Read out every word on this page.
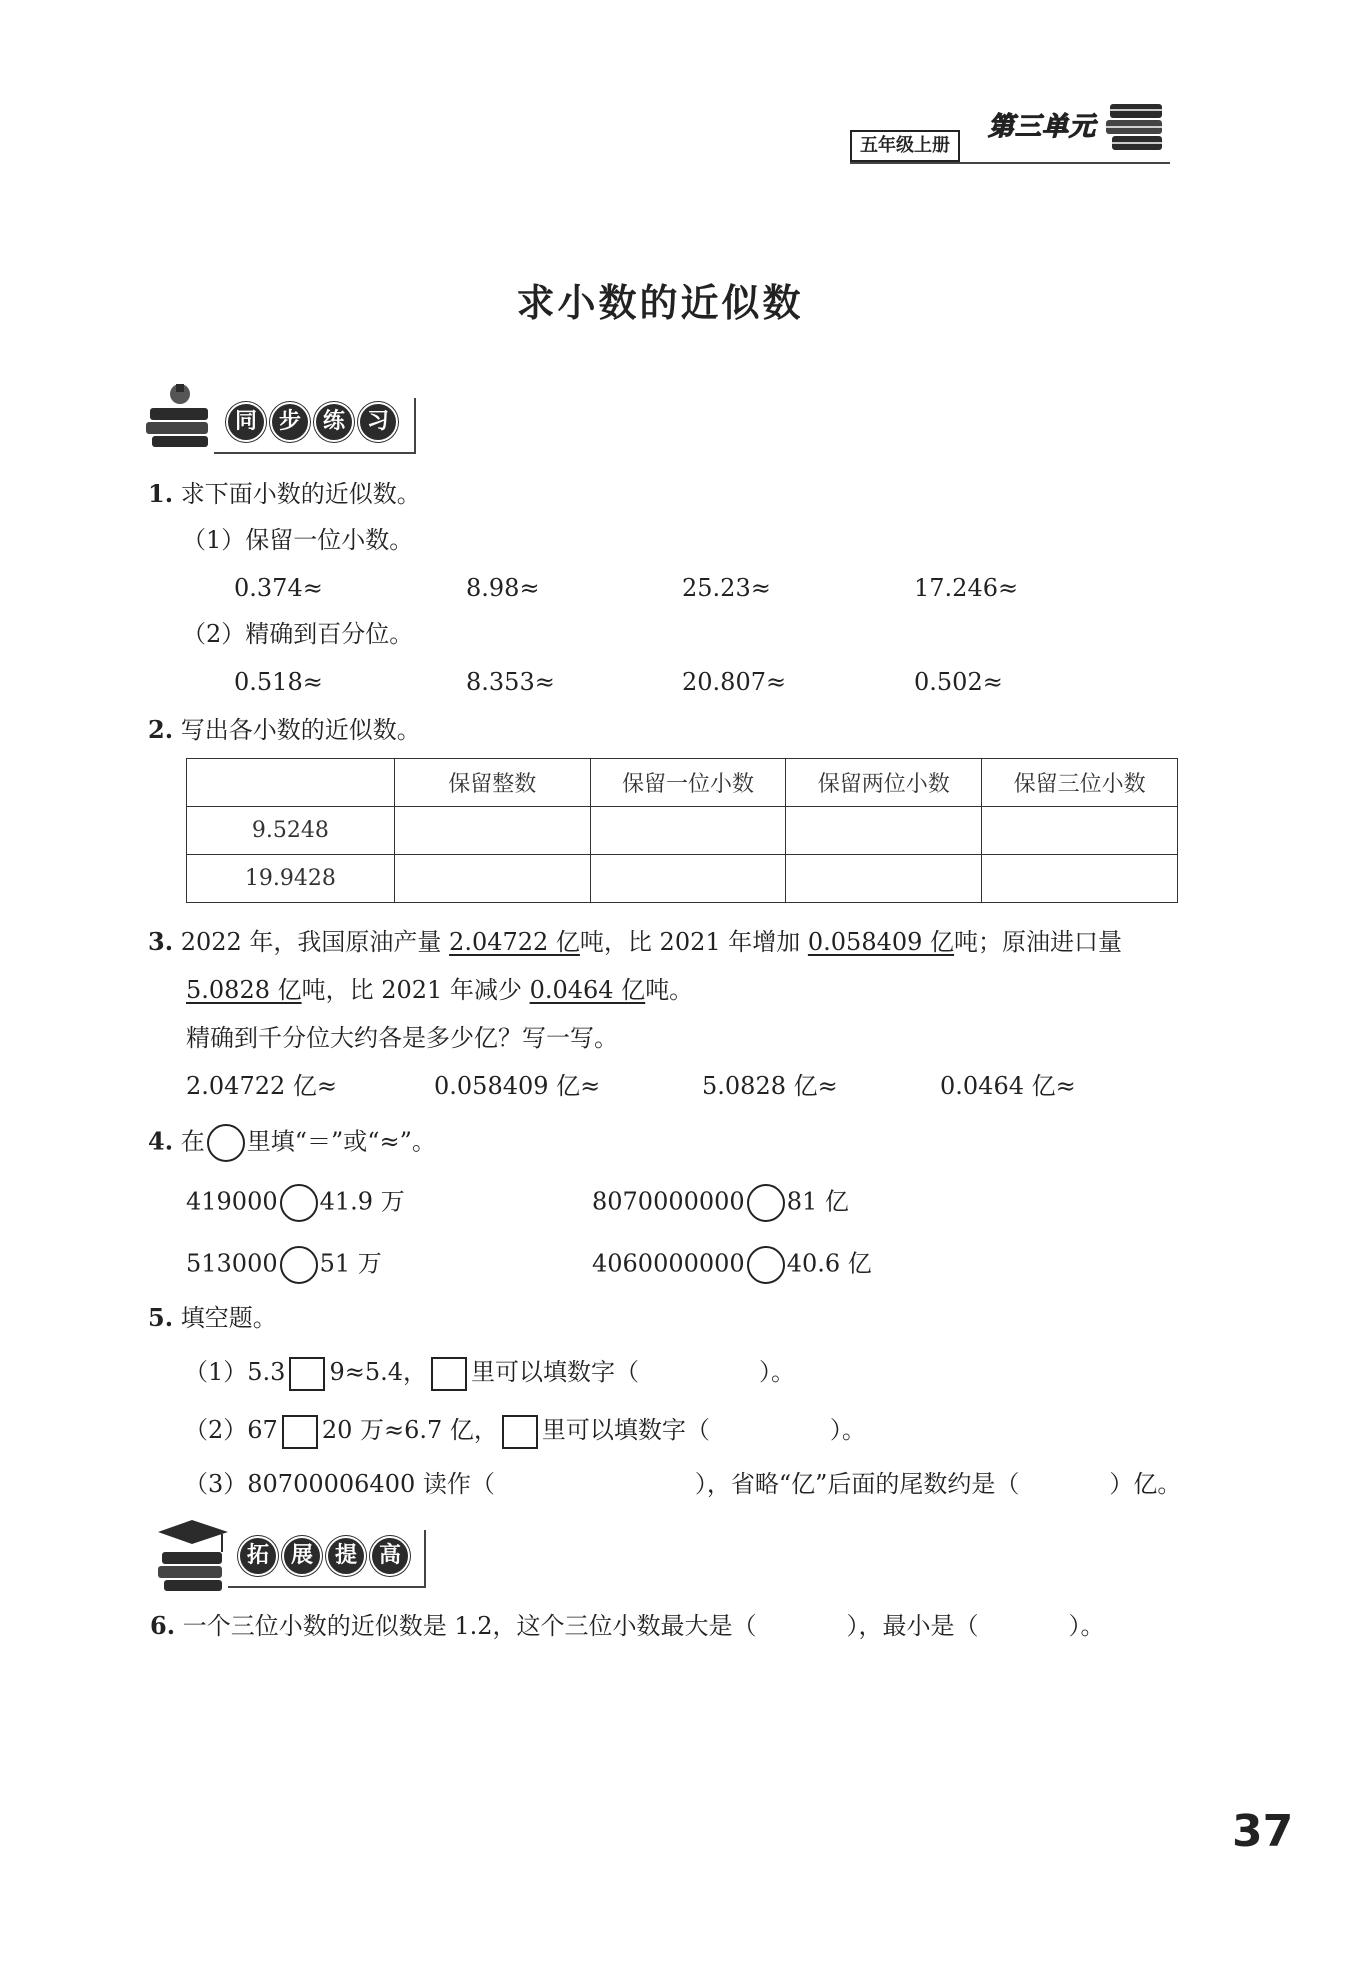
五年级上册
第三单元
求小数的近似数
同 步 练 习
1. 求下面小数的近似数。
（1）保留一位小数。
0.374≈	8.98≈	25.23≈	17.246≈
（2）精确到百分位。
0.518≈	8.353≈	20.807≈	0.502≈
2. 写出各小数的近似数。
	保留整数	保留一位小数	保留两位小数	保留三位小数
9.5248				
19.9428				
3. 2022 年，我国原油产量 2.04722 亿吨，比 2021 年增加 0.058409 亿吨；原油进口量
5.0828 亿吨，比 2021 年减少 0.0464 亿吨。
精确到千分位大约各是多少亿？写一写。
2.04722 亿≈	0.058409 亿≈	5.0828 亿≈	0.0464 亿≈
4. 在 里填“＝”或“≈”。
419000 41.9 万	8070000000 81 亿
513000 51 万	4060000000 40.6 亿
5. 填空题。
（1）5.3 9≈5.4， 里可以填数字（	）。
（2）67 20 万≈6.7 亿， 里可以填数字（	）。
（3）80700006400 读作（	），省略“亿”后面的尾数约是（	）亿。
拓 展 提 高
6. 一个三位小数的近似数是 1.2，这个三位小数最大是（	），最小是（	）。
37
